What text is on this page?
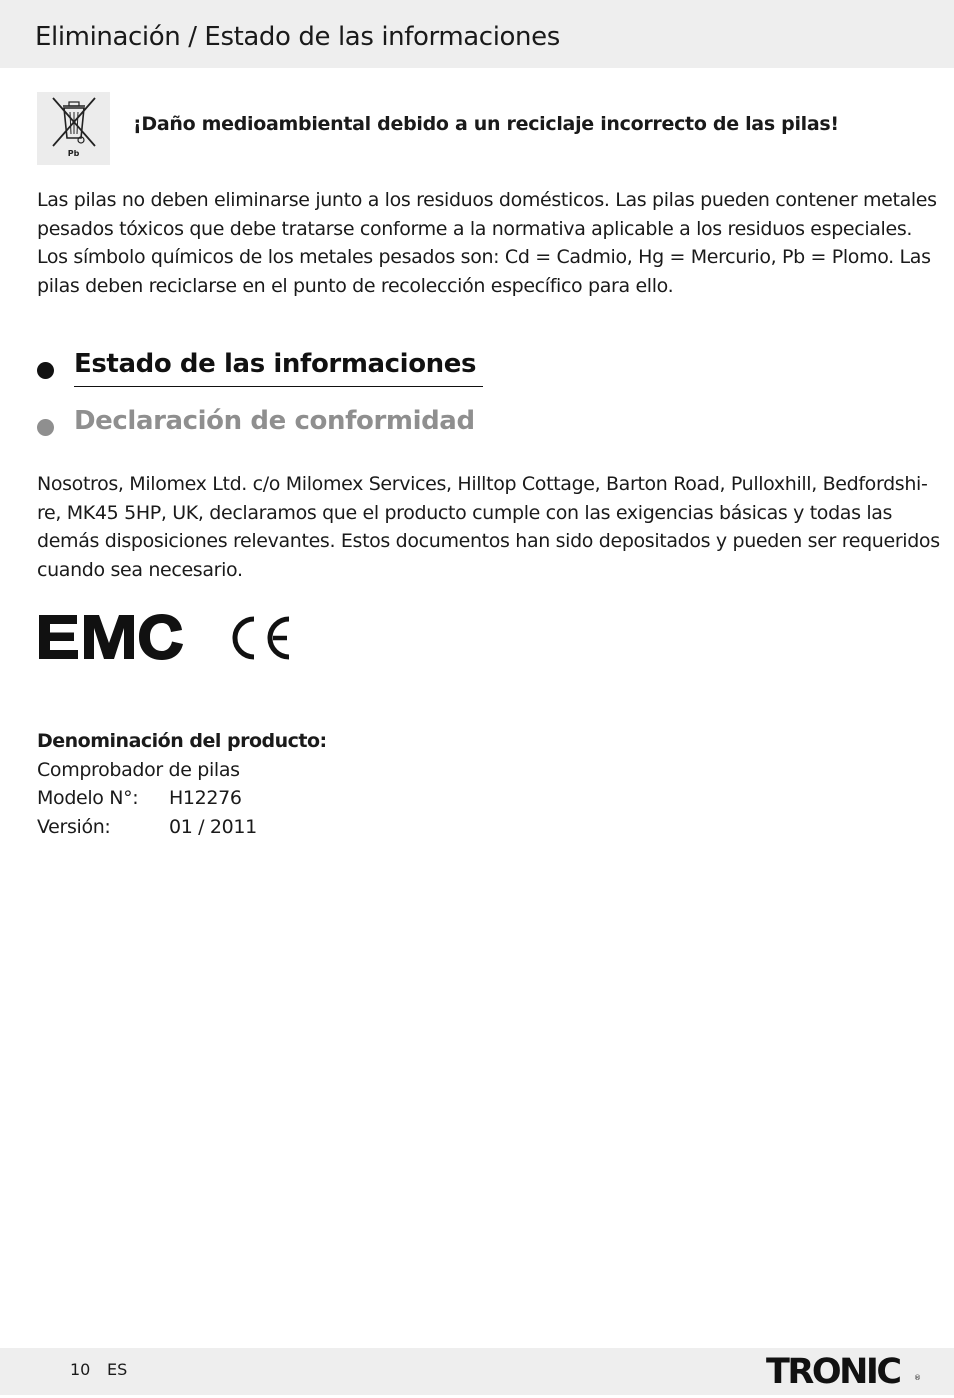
Eliminación / Estado de las informaciones
Pb
¡Daño medioambiental debido a un reciclaje incorrecto de las pilas!
Las pilas no deben eliminarse junto a los residuos domésticos. Las pilas pueden contener metales
pesados tóxicos que debe tratarse conforme a la normativa aplicable a los residuos especiales.
Los símbolo químicos de los metales pesados son: Cd = Cadmio, Hg = Mercurio, Pb = Plomo. Las
pilas deben reciclarse en el punto de recolección específico para ello.
Estado de las informaciones
Declaración de conformidad
Nosotros, Milomex Ltd. c/o Milomex Services, Hilltop Cottage, Barton Road, Pulloxhill, Bedfordshi-
re, MK45 5HP, UK, declaramos que el producto cumple con las exigencias básicas y todas las
demás disposiciones relevantes. Estos documentos han sido depositados y pueden ser requeridos
cuando sea necesario.
Denominación del producto:
Comprobador de pilas
Modelo N°: H12276
Versión:	01 / 2011
10 ES	TRONIC ®
